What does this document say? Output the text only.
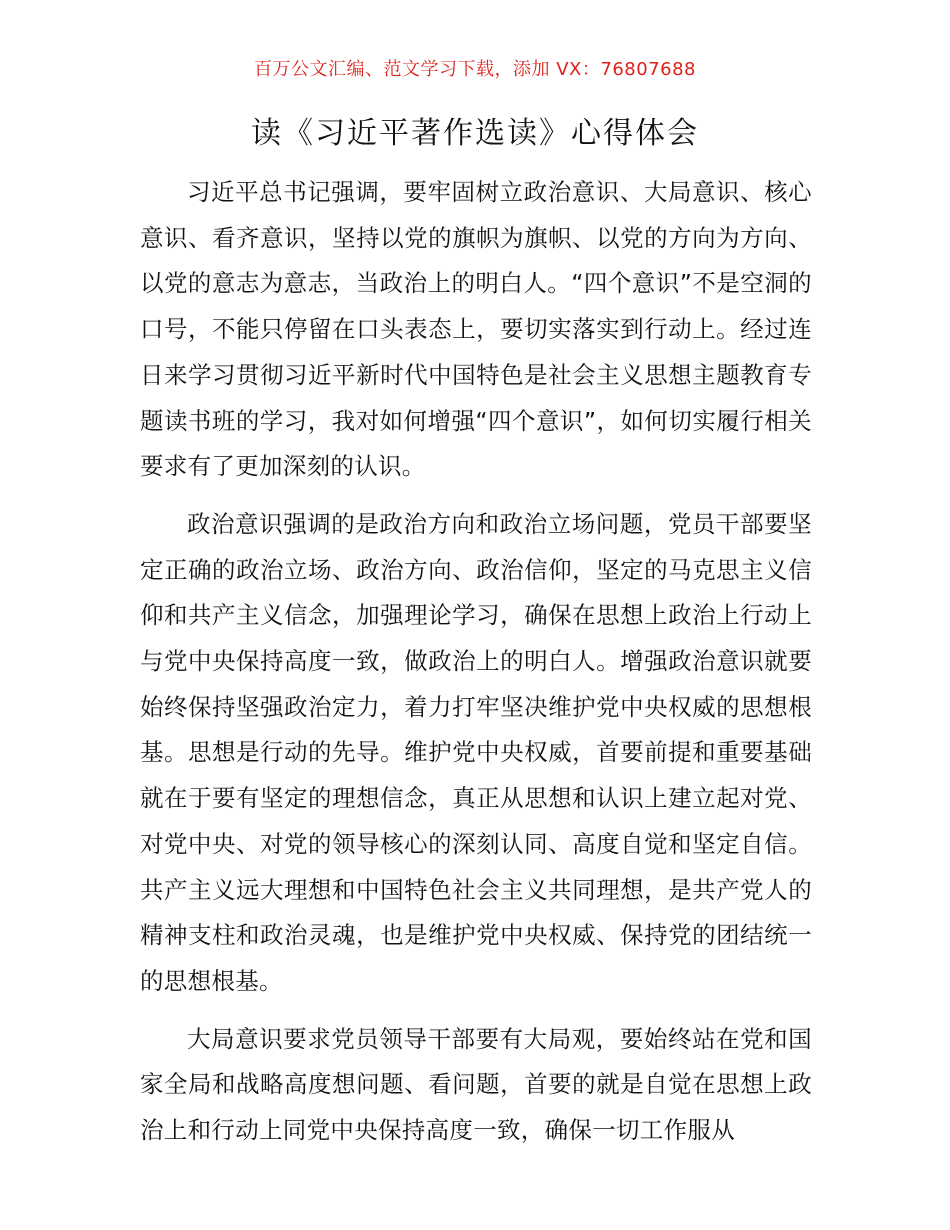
百万公文汇编、范文学习下载，添加 VX：76807688
读《习近平著作选读》心得体会

习近平总书记强调，要牢固树立政治意识、大局意识、核心意识、看齐意识，坚持以党的旗帜为旗帜、以党的方向为方向、以党的意志为意志，当政治上的明白人。“四个意识”不是空洞的口号，不能只停留在口头表态上，要切实落实到行动上。经过连日来学习贯彻习近平新时代中国特色是社会主义思想主题教育专题读书班的学习，我对如何增强“四个意识”，如何切实履行相关要求有了更加深刻的认识。

政治意识强调的是政治方向和政治立场问题，党员干部要坚定正确的政治立场、政治方向、政治信仰，坚定的马克思主义信仰和共产主义信念，加强理论学习，确保在思想上政治上行动上与党中央保持高度一致，做政治上的明白人。增强政治意识就要始终保持坚强政治定力，着力打牢坚决维护党中央权威的思想根基。思想是行动的先导。维护党中央权威，首要前提和重要基础就在于要有坚定的理想信念，真正从思想和认识上建立起对党、对党中央、对党的领导核心的深刻认同、高度自觉和坚定自信。共产主义远大理想和中国特色社会主义共同理想，是共产党人的精神支柱和政治灵魂，也是维护党中央权威、保持党的团结统一的思想根基。

大局意识要求党员领导干部要有大局观，要始终站在党和国家全局和战略高度想问题、看问题，首要的就是自觉在思想上政治上和行动上同党中央保持高度一致，确保一切工作服从
